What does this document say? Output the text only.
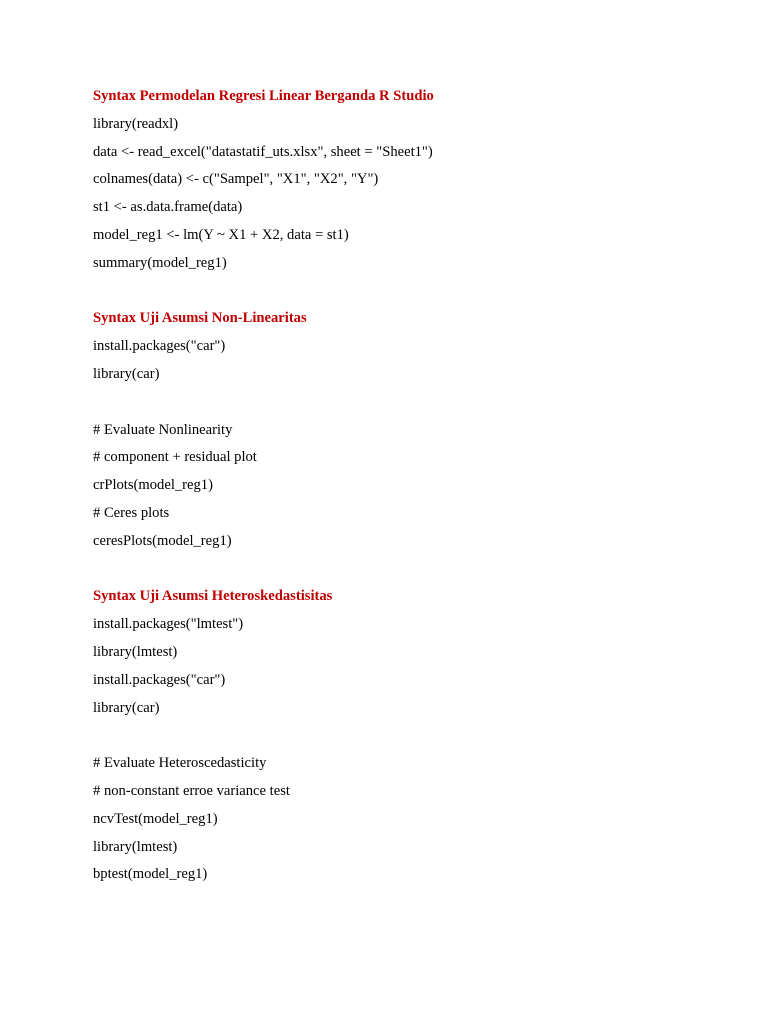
Syntax Permodelan Regresi Linear Berganda R Studio
library(readxl)
data <- read_excel("datastatif_uts.xlsx", sheet = "Sheet1")
colnames(data) <- c("Sampel", "X1", "X2", "Y")
st1 <- as.data.frame(data)
model_reg1 <- lm(Y ~ X1 + X2, data = st1)
summary(model_reg1)
Syntax Uji Asumsi Non-Linearitas
install.packages("car")
library(car)
# Evaluate Nonlinearity
# component + residual plot
crPlots(model_reg1)
# Ceres plots
ceresPlots(model_reg1)
Syntax Uji Asumsi Heteroskedastisitas
install.packages("lmtest")
library(lmtest)
install.packages("car")
library(car)
# Evaluate Heteroscedasticity
# non-constant erroe variance test
ncvTest(model_reg1)
library(lmtest)
bptest(model_reg1)
